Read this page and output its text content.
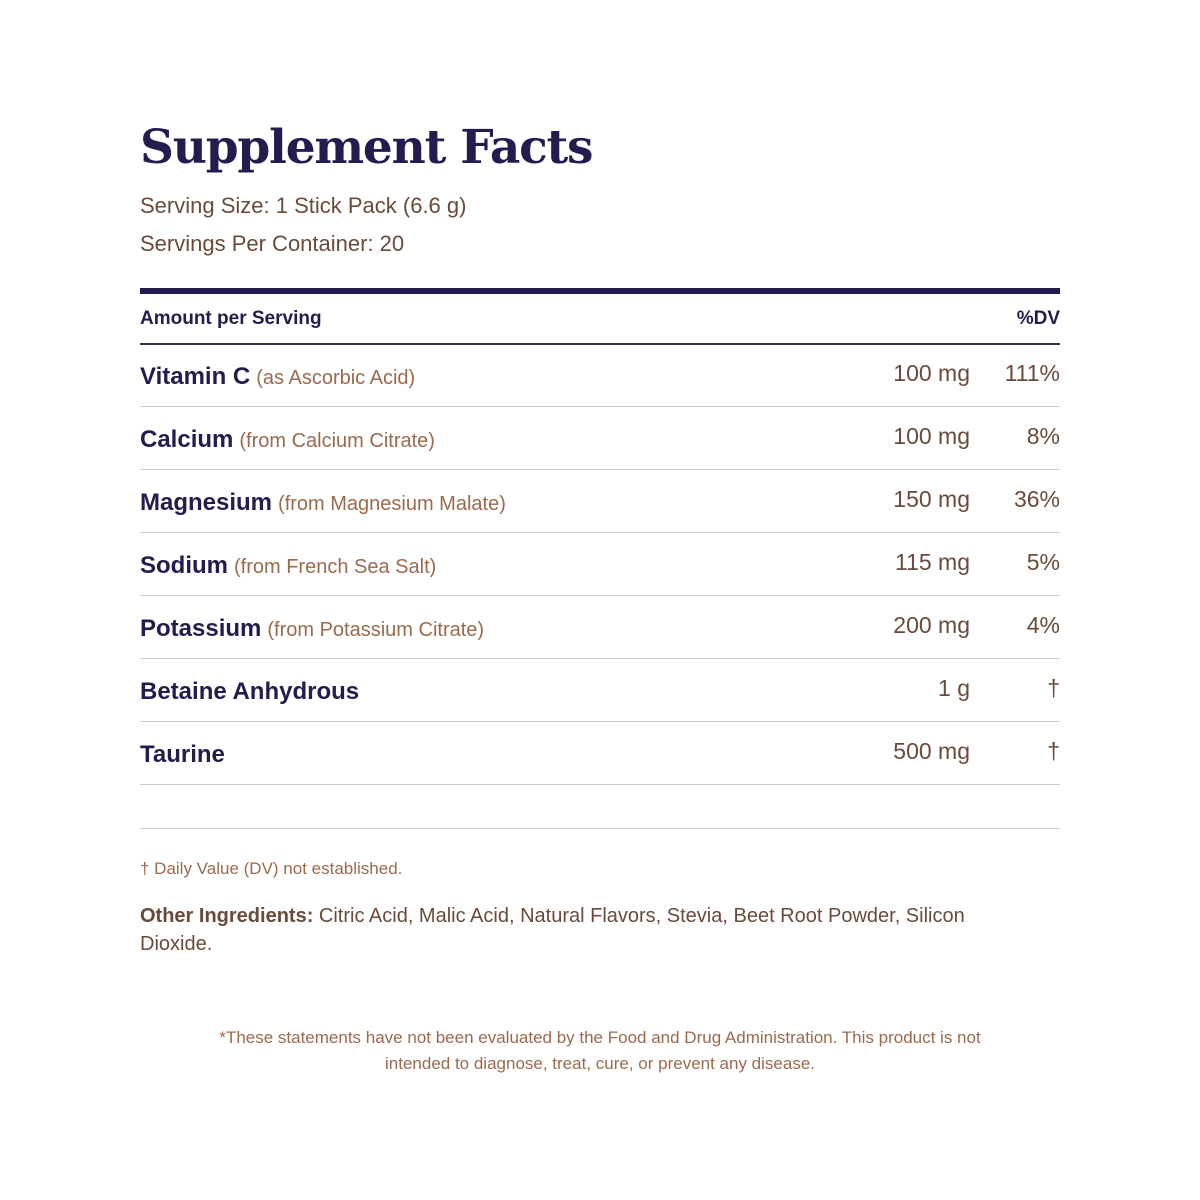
Supplement Facts
Serving Size: 1 Stick Pack (6.6 g)
Servings Per Container: 20
Amount per Serving	%DV
Vitamin C (as Ascorbic Acid)	100 mg 111%
Calcium (from Calcium Citrate)	100 mg 8%
Magnesium (from Magnesium Malate)	150 mg 36%
Sodium (from French Sea Salt)	115 mg 5%
Potassium (from Potassium Citrate)	200 mg 4%
Betaine Anhydrous	1 g	†
Taurine	500 mg	†
† Daily Value (DV) not established.
Other Ingredients: Citric Acid, Malic Acid, Natural Flavors, Stevia, Beet Root Powder, Silicon Dioxide.
*These statements have not been evaluated by the Food and Drug Administration. This product is not
intended to diagnose, treat, cure, or prevent any disease.
